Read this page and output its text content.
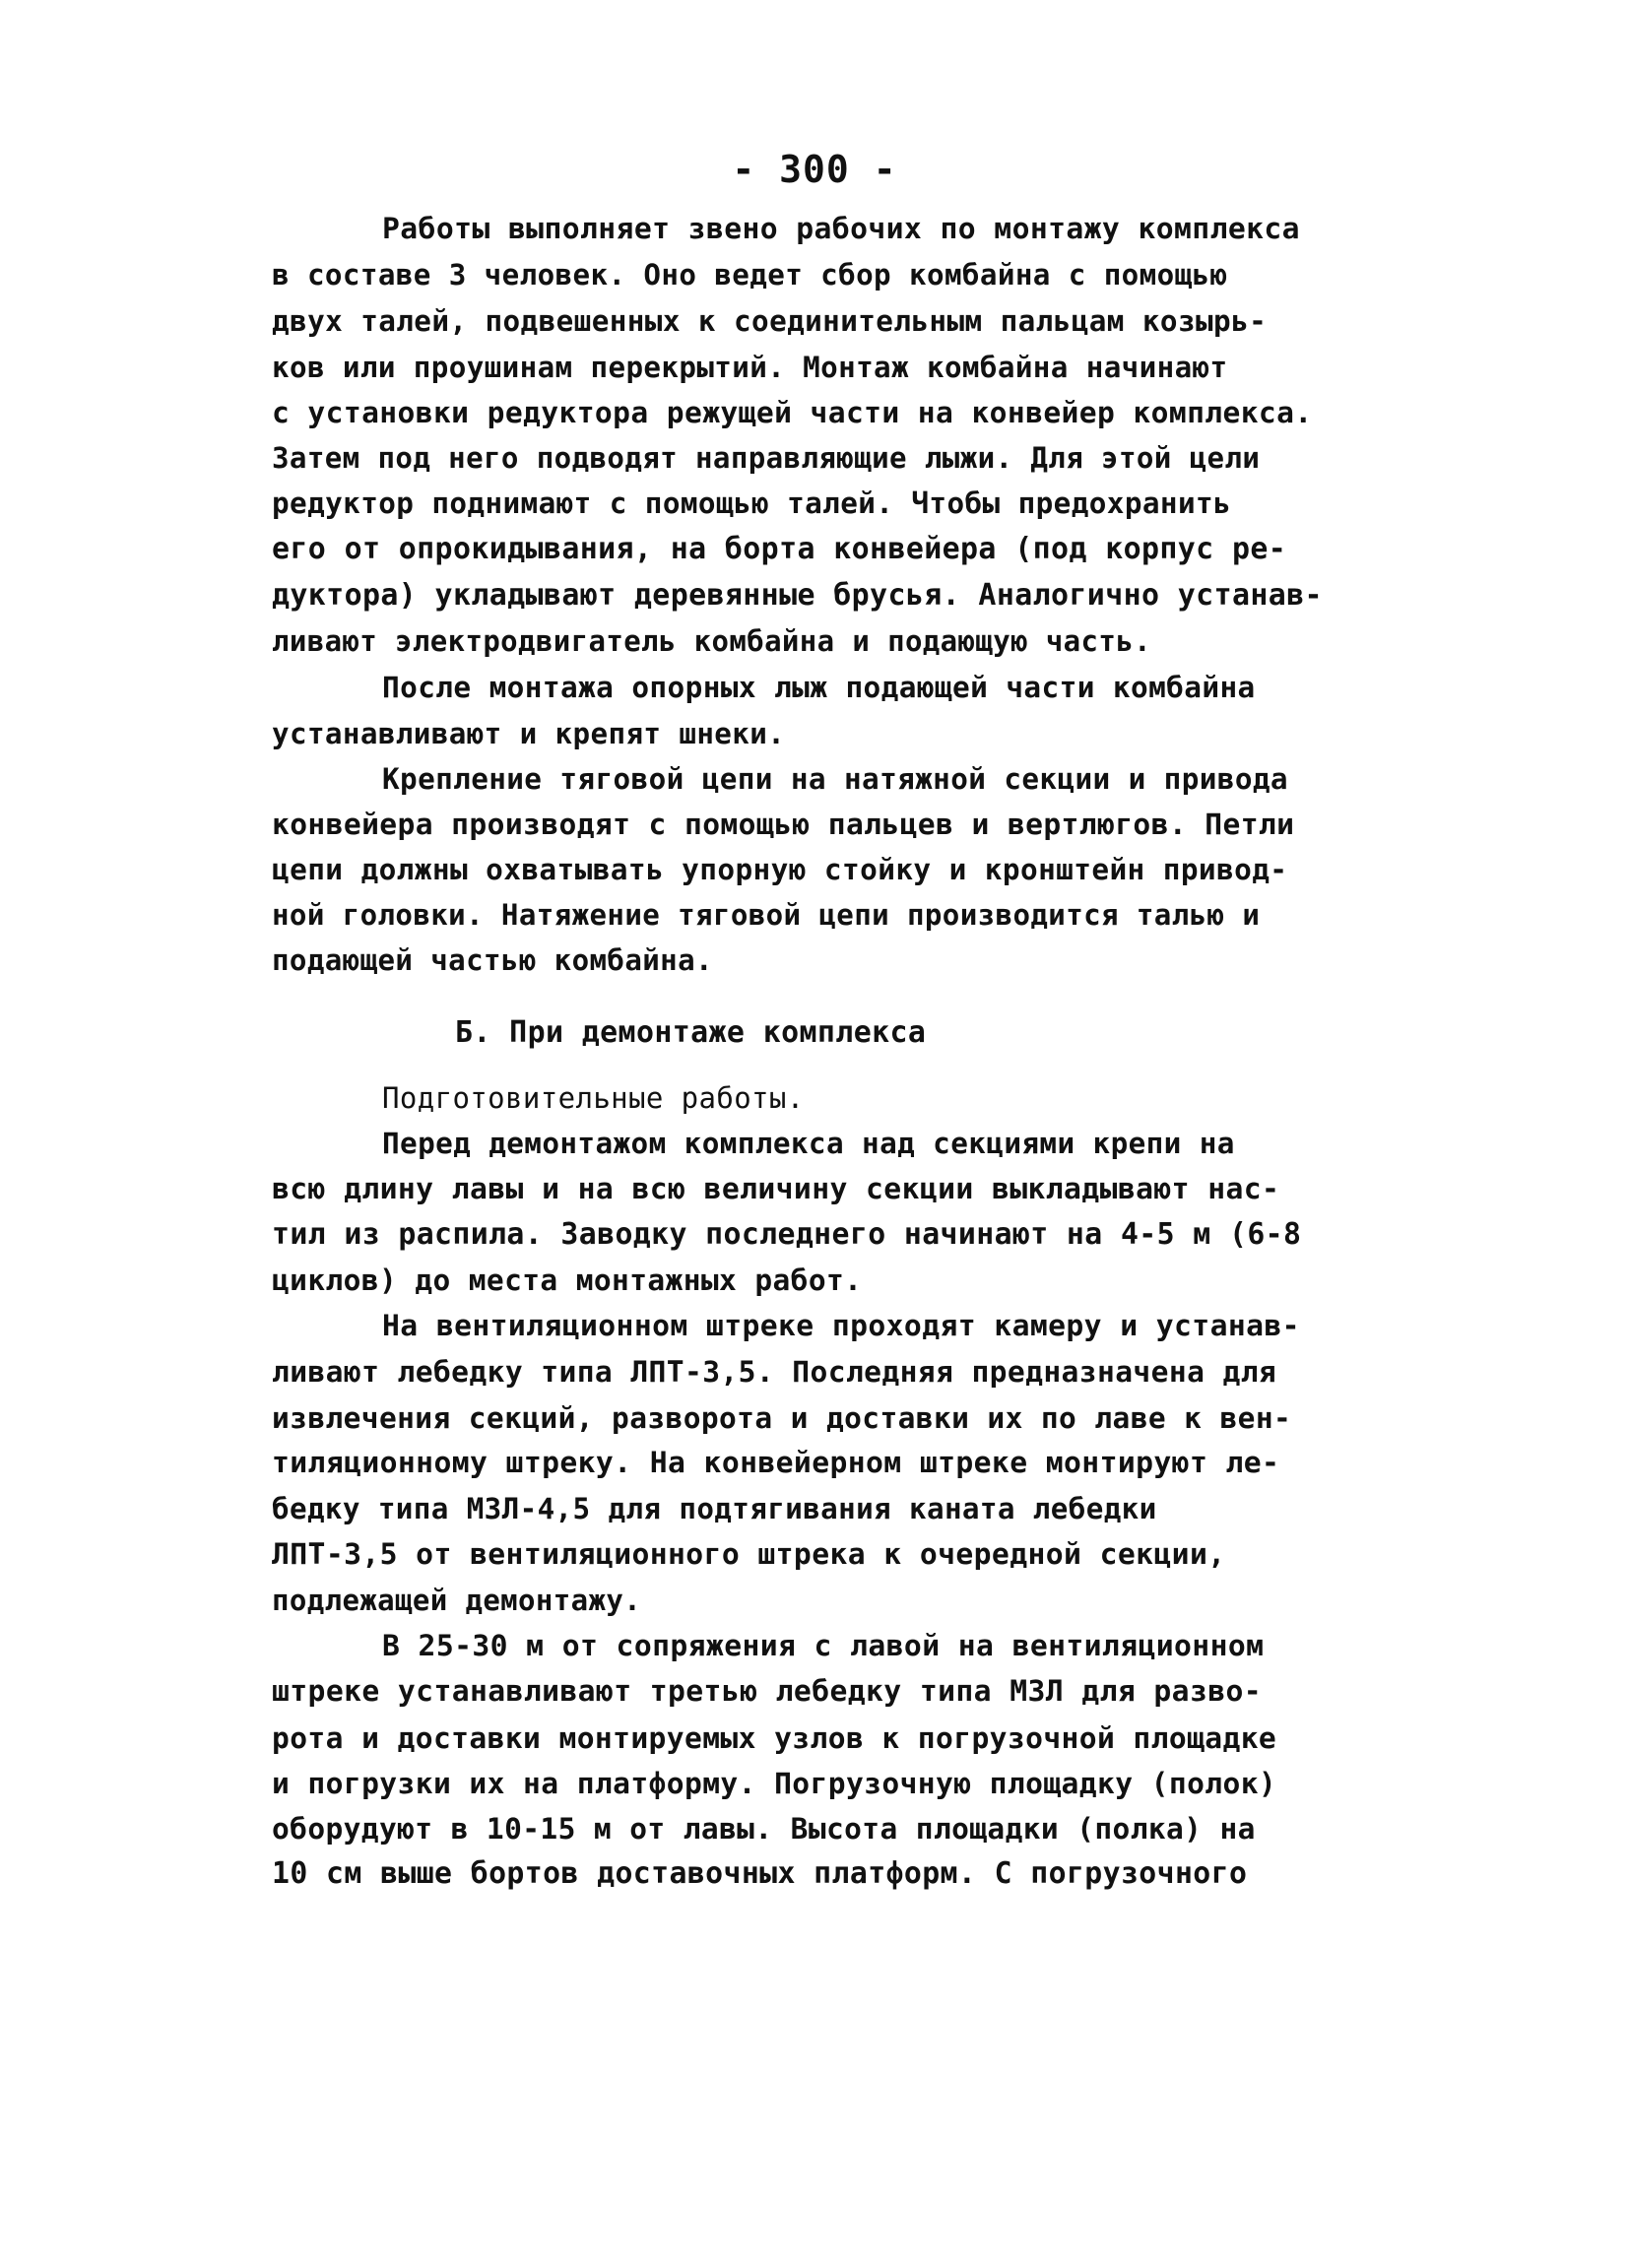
- 300 -
Работы выполняет звено рабочих по монтажу комплекса
в составе 3 человек. Оно ведет сбор комбайна с помощью
двух талей, подвешенных к соединительным пальцам козырь-
ков или проушинам перекрытий. Монтаж комбайна начинают
с установки редуктора режущей части на конвейер комплекса.
Затем под него подводят направляющие лыжи. Для этой цели
редуктор поднимают с помощью талей. Чтобы предохранить
его от опрокидывания, на борта конвейера (под корпус ре-
дуктора) укладывают деревянные брусья. Аналогично устанав-
ливают электродвигатель комбайна и подающую часть.
После монтажа опорных лыж подающей части комбайна
устанавливают и крепят шнеки.
Крепление тяговой цепи на натяжной секции и привода
конвейера производят с помощью пальцев и вертлюгов. Петли
цепи должны охватывать упорную стойку и кронштейн привод-
ной головки. Натяжение тяговой цепи производится талью и
подающей частью комбайна.
Б. При демонтаже комплекса
Подготовительные работы.
Перед демонтажом комплекса над секциями крепи на
всю длину лавы и на всю величину секции выкладывают нас-
тил из распила. Заводку последнего начинают на 4-5 м (6-8
циклов) до места монтажных работ.
На вентиляционном штреке проходят камеру и устанав-
ливают лебедку типа ЛПТ-3,5. Последняя предназначена для
извлечения секций, разворота и доставки их по лаве к вен-
тиляционному штреку. На конвейерном штреке монтируют ле-
бедку типа МЗЛ-4,5 для подтягивания каната лебедки
ЛПТ-3,5 от вентиляционного штрека к очередной секции,
подлежащей демонтажу.
В 25-30 м от сопряжения с лавой на вентиляционном
штреке устанавливают третью лебедку типа МЗЛ для разво-
рота и доставки монтируемых узлов к погрузочной площадке
и погрузки их на платформу. Погрузочную площадку (полок)
оборудуют в 10-15 м от лавы. Высота площадки (полка) на
10 см выше бортов доставочных платформ. С погрузочного
